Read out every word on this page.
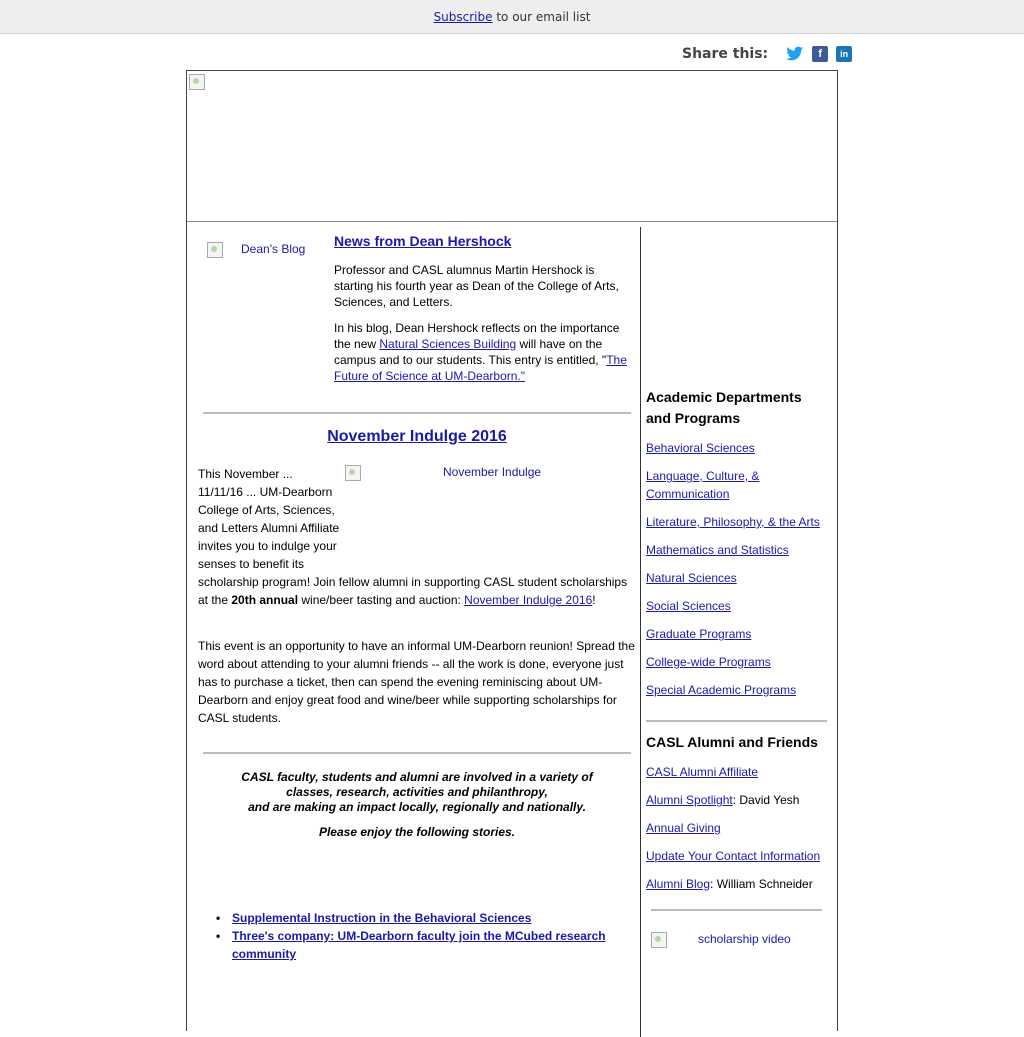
Subscribe to our email list
Share this:	f	in
Dean's Blog News from Dean Hershock
Professor and CASL alumnus Martin Hershock is starting his fourth year as Dean of the College of Arts, Sciences, and Letters.
In his blog, Dean Hershock reflects on the importance the new Natural Sciences Building will have on the campus and to our students. This entry is entitled, "The Future of Science at UM-Dearborn."
November Indulge 2016
This November ... 11/11/16 ... UM-Dearborn College of Arts, Sciences, and Letters Alumni Affiliate invites you to indulge your senses to benefit its scholarship program! Join fellow alumni in supporting CASL student scholarships at the 20th annual wine/beer tasting and auction: November Indulge 2016!
November Indulge
This event is an opportunity to have an informal UM-Dearborn reunion! Spread the word about attending to your alumni friends -- all the work is done, everyone just has to purchase a ticket, then can spend the evening reminiscing about UM-Dearborn and enjoy great food and wine/beer while supporting scholarships for CASL students.
CASL faculty, students and alumni are involved in a variety of
classes, research, activities and philanthropy,
and are making an impact locally, regionally and nationally.
Please enjoy the following stories.
• Supplemental Instruction in the Behavioral Sciences
• Three's company: UM-Dearborn faculty join the MCubed research community
Academic Departments and Programs
Behavioral Sciences
Language, Culture, & Communication
Literature, Philosophy, & the Arts
Mathematics and Statistics
Natural Sciences
Social Sciences
Graduate Programs
College-wide Programs
Special Academic Programs
CASL Alumni and Friends
CASL Alumni Affiliate
Alumni Spotlight: David Yesh
Annual Giving
Update Your Contact Information
Alumni Blog: William Schneider
scholarship video
